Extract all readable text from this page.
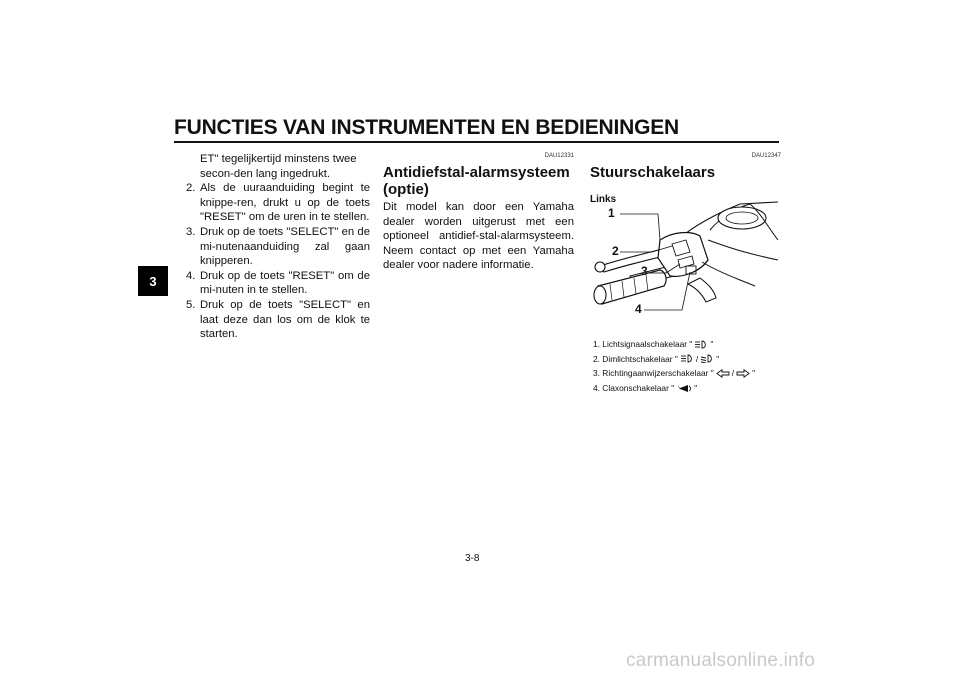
FUNCTIES VAN INSTRUMENTEN EN BEDIENINGEN
3
ET" tegelijkertijd minstens twee secon-den lang ingedrukt.
2. Als de uuraanduiding begint te knippe-ren, drukt u op de toets "RESET" om de uren in te stellen.
3. Druk op de toets "SELECT" en de mi-nutenaanduiding zal gaan knipperen.
4. Druk op de toets "RESET" om de mi-nuten in te stellen.
5. Druk op de toets "SELECT" en laat deze dan los om de klok te starten.
DAU12331
Antidiefstal-alarmsysteem (optie)
Dit model kan door een Yamaha dealer worden uitgerust met een optioneel antidief-stal-alarmsysteem. Neem contact op met een Yamaha dealer voor nadere informatie.
DAU12347
Stuurschakelaars
Links
1
2
3
4
1. Lichtsignaalschakelaar " "
2. Dimlichtschakelaar " / "
3. Richtingaanwijzerschakelaar " / "
4. Claxonschakelaar " "
3-8
carmanualsonline.info
